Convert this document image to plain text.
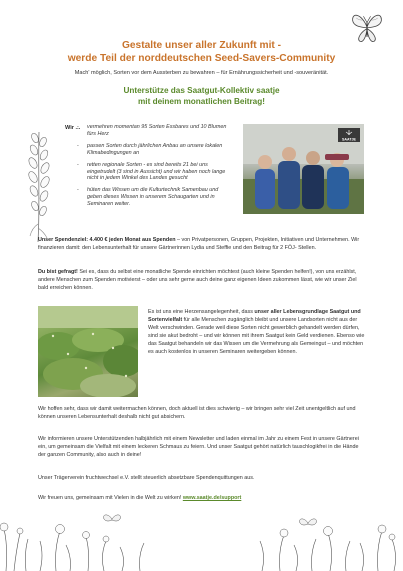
Gestalte unser aller Zukunft mit -
werde Teil der norddeutschen Seed-Savers-Community

Mach' möglich, Sorten vor dem Aussterben zu bewahren – für Ernährungssicherheit und -souveränität.

Unterstütze das Saatgut-Kollektiv saatje
mit deinem monatlichen Beitrag!
Wir ...
-	vermehren momentan 95 Sorten Essbares und 10 Blumen fürs Herz
- passen Sorten durch jährlichen Anbau an unsere lokalen Klimabedingungen an
- retten regionale Sorten - es sind bereits 21 bei uns eingetrudelt (3 sind in Aussicht) und wir haben noch lange nicht in jedem Winkel des Landes gesucht
- hüten das Wissen um die Kulturtechnik Samenbau und geben dieses Wissen in unserem Schaugarten und in Seminaren weiter.
SAATJE

Unser Spendenziel: 4.400 € jeden Monat aus Spenden – von Privatpersonen, Gruppen, Projekten, Initiativen und Unternehmen. Wir finanzieren damit: den Lebensunterhalt für unsere Gärtnerinnen Lydia und Steffie und den Beitrag für 2 FÖJ- Stellen.

Du bist gefragt! Sei es, dass du selbst eine monatliche Spende einrichten möchtest (auch kleine Spenden helfen!), von uns erzählst, andere Menschen zum Spenden motivierst – oder uns sehr gerne auch deine ganz eigenen Ideen zukommen lässt, wie wir unser Ziel bald erreichen können.

Es ist uns eine Herzensangelegenheit, dass unser aller Lebensgrundlage Saatgut und Sortenvielfalt für alle Menschen zugänglich bleibt und unsere Landsorten nicht aus der Welt verschwinden. Gerade weil diese Sorten nicht gewerblich gehandelt werden dürfen, sind sie akut bedroht – und wir können mit ihrem Saatgut kein Geld verdienen. Ebenso wie das Saatgut behandeln wir das Wissen um die Vermehrung als Gemeingut – und möchten es auch kostenlos in unseren Seminaren weitergeben können.

Wir hoffen sehr, dass wir damit weitermachen können, doch aktuell ist dies schwierig – wir bringen sehr viel Zeit unentgeltlich auf und können unseren Lebensunterhalt deshalb nicht gut absichern.

Wir informieren unsere Unterstützenden halbjährlich mit einem Newsletter und laden einmal im Jahr zu einem Fest in unsere Gärtnerei ein, um gemeinsam die Vielfalt mit einem leckeren Schmaus zu feiern. Und unser Saatgut gehört natürlich tauschlogikfrei in die Hände der ganzen Community, also auch in deine!

Unser Trägerverein fruchtwechsel e.V. stellt steuerlich absetzbare Spendenquittungen aus.

Wir freuen uns, gemeinsam mit Vielen in die Welt zu wirken! www.saatje.de/support
